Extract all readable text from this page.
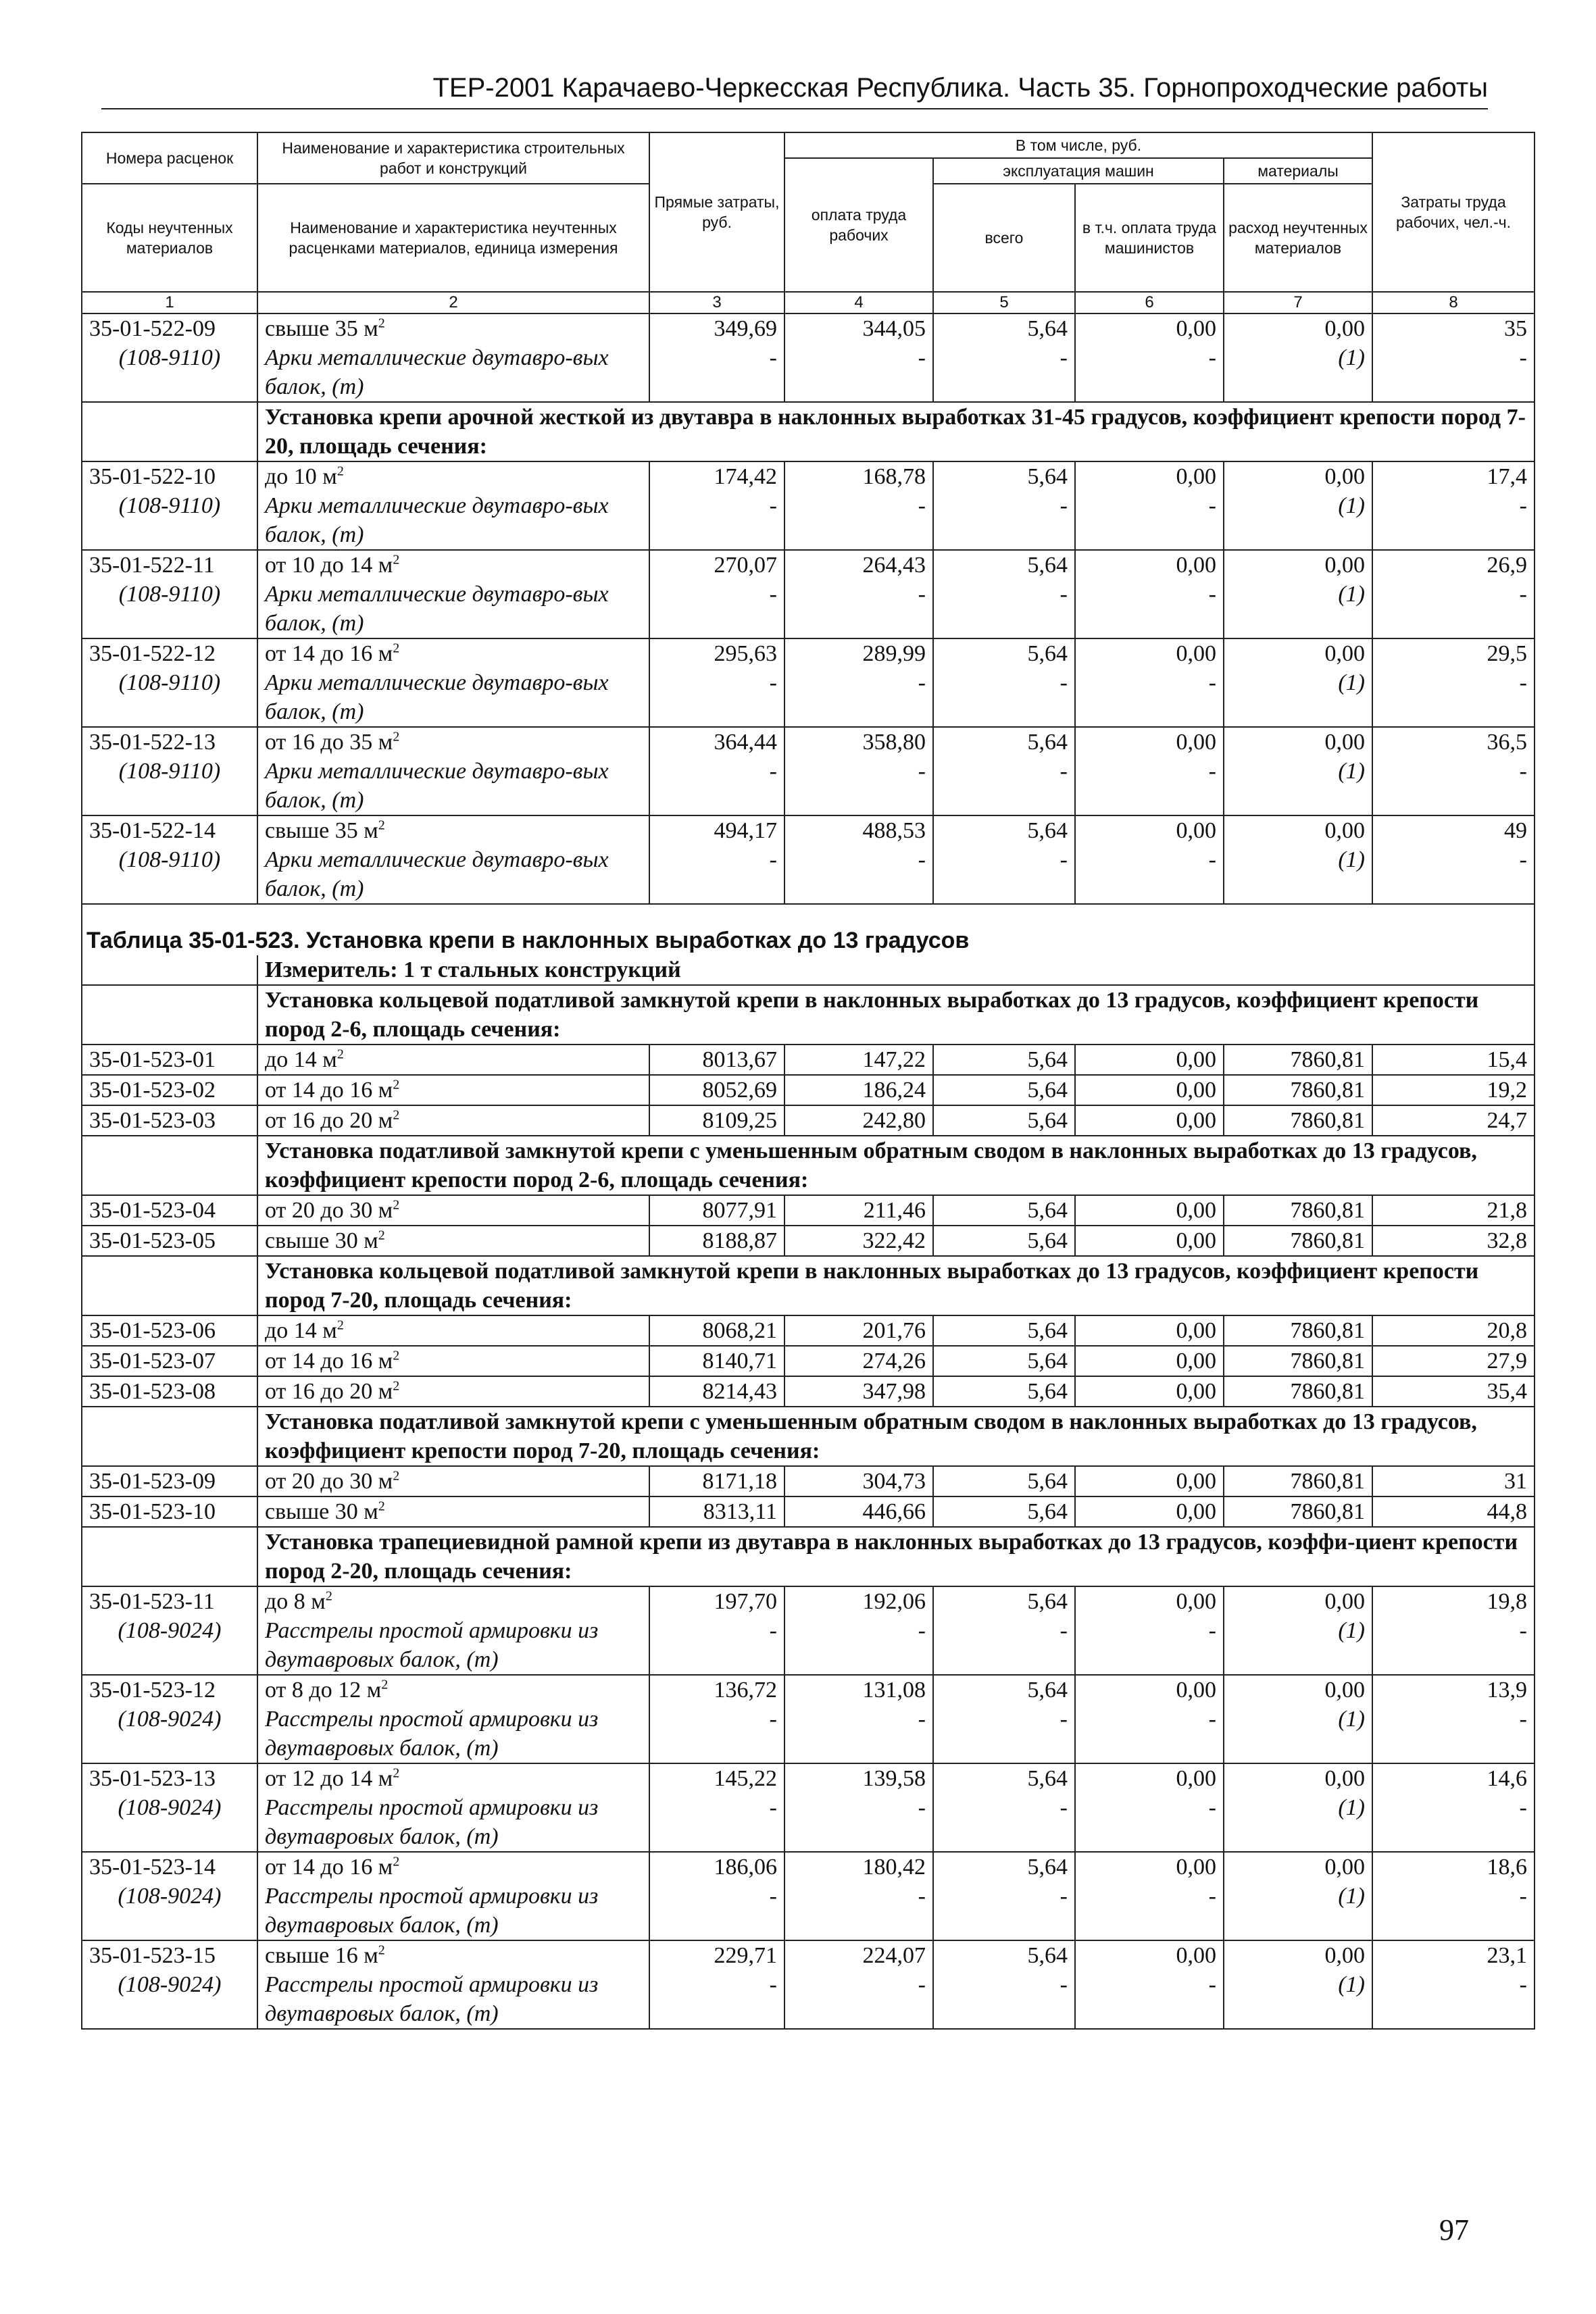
ТЕР-2001 Карачаево-Черкесская Республика. Часть 35. Горнопроходческие работы
Номера расценок	Наименование и характеристика строительных работ и конструкций	Прямые затраты, руб.	В том числе, руб.				Затраты труда рабочих, чел.-ч.
			оплата труда рабочих	эксплуатация машин		материалы	
Коды неучтенных материалов	Наименование и характеристика неучтенных расценками материалов, единица измерения			всего	в т.ч. оплата труда машинистов	расход неучтенных материалов	

1	2	3	4	5	6	7	8
35-01-522-09	свыше 35 $м^2$	349,69	344,05	5,64	0,00	0,00	35
(108-9110)	Арки металлические двутавро-вых балок, (т)	-	-	-	-	(1)	-
	Установка крепи арочной жесткой из двутавра в наклонных выработках 31-45 градусов, коэффициент крепости пород 7-20, площадь сечения:						
35-01-522-10	до 10 $м^2$	174,42	168,78	5,64	0,00	0,00	17,4
(108-9110)	Арки металлические двутавро-вых балок, (т)	-	-	-	-	(1)	-
35-01-522-11	от 10 до 14 $м^2$	270,07	264,43	5,64	0,00	0,00	26,9
(108-9110)	Арки металлические двутавро-вых балок, (т)	-	-	-	-	(1)	-
35-01-522-12	от 14 до 16 $м^2$	295,63	289,99	5,64	0,00	0,00	29,5
(108-9110)	Арки металлические двутавро-вых балок, (т)	-	-	-	-	(1)	-
35-01-522-13	от 16 до 35 $м^2$	364,44	358,80	5,64	0,00	0,00	36,5
(108-9110)	Арки металлические двутавро-вых балок, (т)	-	-	-	-	(1)	-
35-01-522-14	свыше 35 $м^2$	494,17	488,53	5,64	0,00	0,00	49
(108-9110)	Арки металлические двутавро-вых балок, (т)	-	-	-	-	(1)	-
Таблица 35-01-523. Установка крепи в наклонных выработках до 13 градусов							
	Измеритель: 1 т стальных конструкций						
	Установка кольцевой податливой замкнутой крепи в наклонных выработках до 13 градусов, коэффициент крепости пород 2-6, площадь сечения:						
35-01-523-01	до 14 $м^2$	8013,67	147,22	5,64	0,00	7860,81	15,4
35-01-523-02	от 14 до 16 $м^2$	8052,69	186,24	5,64	0,00	7860,81	19,2
35-01-523-03	от 16 до 20 $м^2$	8109,25	242,80	5,64	0,00	7860,81	24,7
	Установка податливой замкнутой крепи с уменьшенным обратным сводом в наклонных выработках до 13 градусов, коэффициент крепости пород 2-6, площадь сечения:						
35-01-523-04	от 20 до 30 $м^2$	8077,91	211,46	5,64	0,00	7860,81	21,8
35-01-523-05	свыше 30 $м^2$	8188,87	322,42	5,64	0,00	7860,81	32,8
	Установка кольцевой податливой замкнутой крепи в наклонных выработках до 13 градусов, коэффициент крепости пород 7-20, площадь сечения:						
35-01-523-06	до 14 $м^2$	8068,21	201,76	5,64	0,00	7860,81	20,8
35-01-523-07	от 14 до 16 $м^2$	8140,71	274,26	5,64	0,00	7860,81	27,9
35-01-523-08	от 16 до 20 $м^2$	8214,43	347,98	5,64	0,00	7860,81	35,4
	Установка податливой замкнутой крепи с уменьшенным обратным сводом в наклонных выработках до 13 градусов, коэффициент крепости пород 7-20, площадь сечения:						
35-01-523-09	от 20 до 30 $м^2$	8171,18	304,73	5,64	0,00	7860,81	31
35-01-523-10	свыше 30 $м^2$	8313,11	446,66	5,64	0,00	7860,81	44,8
	Установка трапециевидной рамной крепи из двутавра в наклонных выработках до 13 градусов, коэффи-циент крепости пород 2-20, площадь сечения:						
35-01-523-11	до 8 $м^2$	197,70	192,06	5,64	0,00	0,00	19,8
(108-9024)	Расстрелы простой армировки из двутавровых балок, (т)	-	-	-	-	(1)	-
35-01-523-12	от 8 до 12 $м^2$	136,72	131,08	5,64	0,00	0,00	13,9
(108-9024)	Расстрелы простой армировки из двутавровых балок, (т)	-	-	-	-	(1)	-
35-01-523-13	от 12 до 14 $м^2$	145,22	139,58	5,64	0,00	0,00	14,6
(108-9024)	Расстрелы простой армировки из двутавровых балок, (т)	-	-	-	-	(1)	-
35-01-523-14	от 14 до 16 $м^2$	186,06	180,42	5,64	0,00	0,00	18,6
(108-9024)	Расстрелы простой армировки из двутавровых балок, (т)	-	-	-	-	(1)	-
35-01-523-15	свыше 16 $м^2$	229,71	224,07	5,64	0,00	0,00	23,1
(108-9024)	Расстрелы простой армировки из двутавровых балок, (т)	-	-	-	-	(1)	-
97
